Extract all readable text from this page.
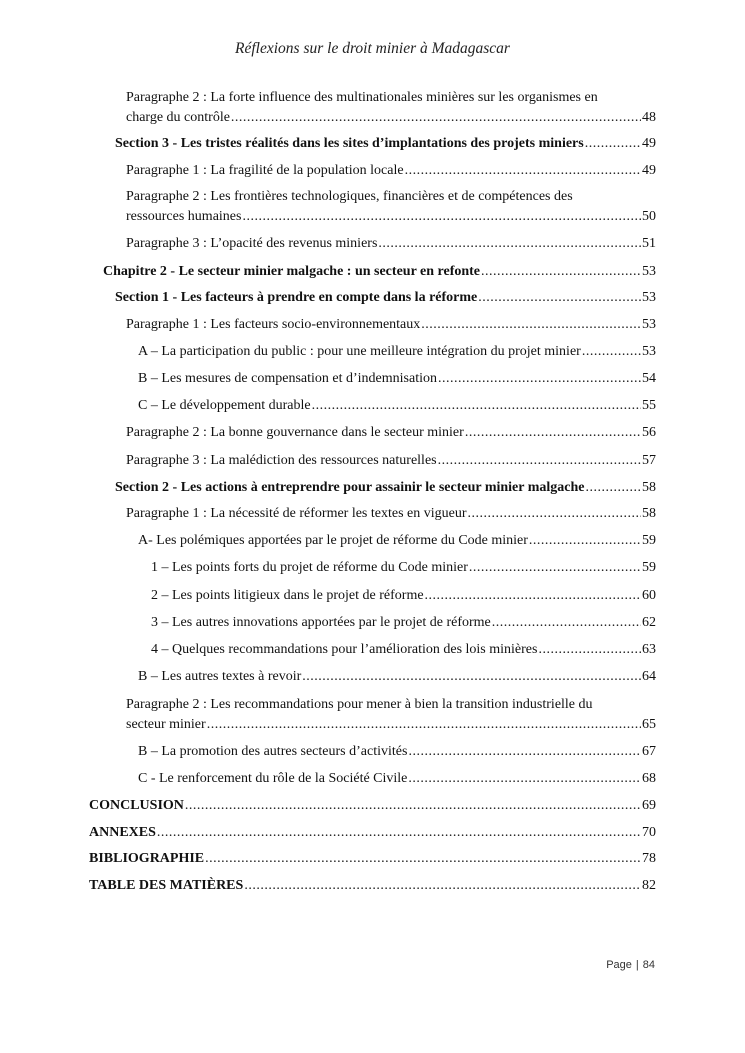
Réflexions sur le droit minier à Madagascar
Paragraphe 2 : La forte influence des multinationales minières sur les organismes en
charge du contrôle .....	48
Section 3 - Les tristes réalités dans les sites d’implantations des projets miniers .....	49
Paragraphe 1 : La fragilité de la population locale .....	49
Paragraphe 2 : Les frontières technologiques, financières et de compétences des
ressources humaines .....	50
Paragraphe 3 : L’opacité des revenus miniers .....	51
Chapitre 2 - Le secteur minier malgache : un secteur en refonte .....	53
Section 1 - Les facteurs à prendre en compte dans la réforme .....	53
Paragraphe 1 : Les facteurs socio-environnementaux .....	53
A – La participation du public : pour une meilleure intégration du projet minier .....	53
B – Les mesures de compensation et d’indemnisation .....	54
C – Le développement durable .....	55
Paragraphe 2 : La bonne gouvernance dans le secteur minier .....	56
Paragraphe 3 : La malédiction des ressources naturelles .....	57
Section 2 - Les actions à entreprendre pour assainir le secteur minier malgache .....	58
Paragraphe 1 : La nécessité de réformer les textes en vigueur .....	58
A- Les polémiques apportées par le projet de réforme du Code minier .....	59
1 – Les points forts du projet de réforme du Code minier .....	59
2 – Les points litigieux dans le projet de réforme .....	60
3 – Les autres innovations apportées par le projet de réforme .....	62
4 – Quelques recommandations pour l’amélioration des lois minières .....	63
B – Les autres textes à revoir .....	64
Paragraphe 2 : Les recommandations pour mener à bien la transition industrielle du
secteur minier .....	65
B – La promotion des autres secteurs d’activités .....	67
C - Le renforcement du rôle de la Société Civile .....	68
CONCLUSION .....	69
ANNEXES .....	70
BIBLIOGRAPHIE .....	78
TABLE DES MATIÈRES .....	82
Page | 84
